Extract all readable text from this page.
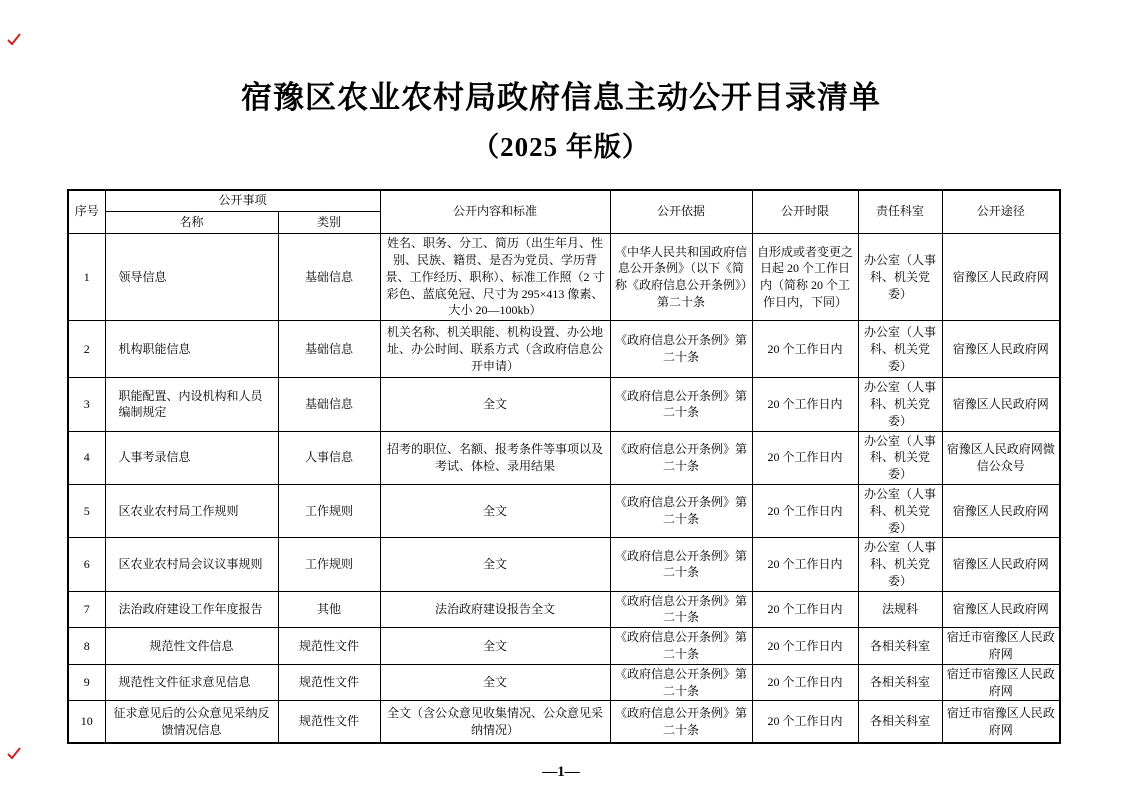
宿豫区农业农村局政府信息主动公开目录清单
（2025 年版）
序号	公开事项		公开内容和标准	公开依据	公开时限	责任科室	公开途径
	名称	类别					
1	领导信息	基础信息	姓名、职务、分工、简历（出生年月、性别、民族、籍贯、是否为党员、学历背景、工作经历、职称）、标准工作照（2 寸彩色、蓝底免冠、尺寸为 295×413 像素、大小 20—100kb）	《中华人民共和国政府信息公开条例》（以下《简称《政府信息公开条例》）第二十条	自形成或者变更之日起 20 个工作日内（简称 20 个工作日内，下同）	办公室（人事科、机关党委）	宿豫区人民政府网
2	机构职能信息	基础信息	机关名称、机关职能、机构设置、办公地址、办公时间、联系方式（含政府信息公开申请）	《政府信息公开条例》第二十条	20 个工作日内	办公室（人事科、机关党委）	宿豫区人民政府网
3	职能配置、内设机构和人员编制规定	基础信息	全文	《政府信息公开条例》第二十条	20 个工作日内	办公室（人事科、机关党委）	宿豫区人民政府网
4	人事考录信息	人事信息	招考的职位、名额、报考条件等事项以及考试、体检、录用结果	《政府信息公开条例》第二十条	20 个工作日内	办公室（人事科、机关党委）	宿豫区人民政府网微信公众号
5	区农业农村局工作规则	工作规则	全文	《政府信息公开条例》第二十条	20 个工作日内	办公室（人事科、机关党委）	宿豫区人民政府网
6	区农业农村局会议议事规则	工作规则	全文	《政府信息公开条例》第二十条	20 个工作日内	办公室（人事科、机关党委）	宿豫区人民政府网
7	法治政府建设工作年度报告	其他	法治政府建设报告全文	《政府信息公开条例》第二十条	20 个工作日内	法规科	宿豫区人民政府网
8	规范性文件信息	规范性文件	全文	《政府信息公开条例》第二十条	20 个工作日内	各相关科室	宿迁市宿豫区人民政府网
9	规范性文件征求意见信息	规范性文件	全文	《政府信息公开条例》第二十条	20 个工作日内	各相关科室	宿迁市宿豫区人民政府网
10	征求意见后的公众意见采纳反馈情况信息	规范性文件	全文（含公众意见收集情况、公众意见采纳情况）	《政府信息公开条例》第二十条	20 个工作日内	各相关科室	宿迁市宿豫区人民政府网
—1—
